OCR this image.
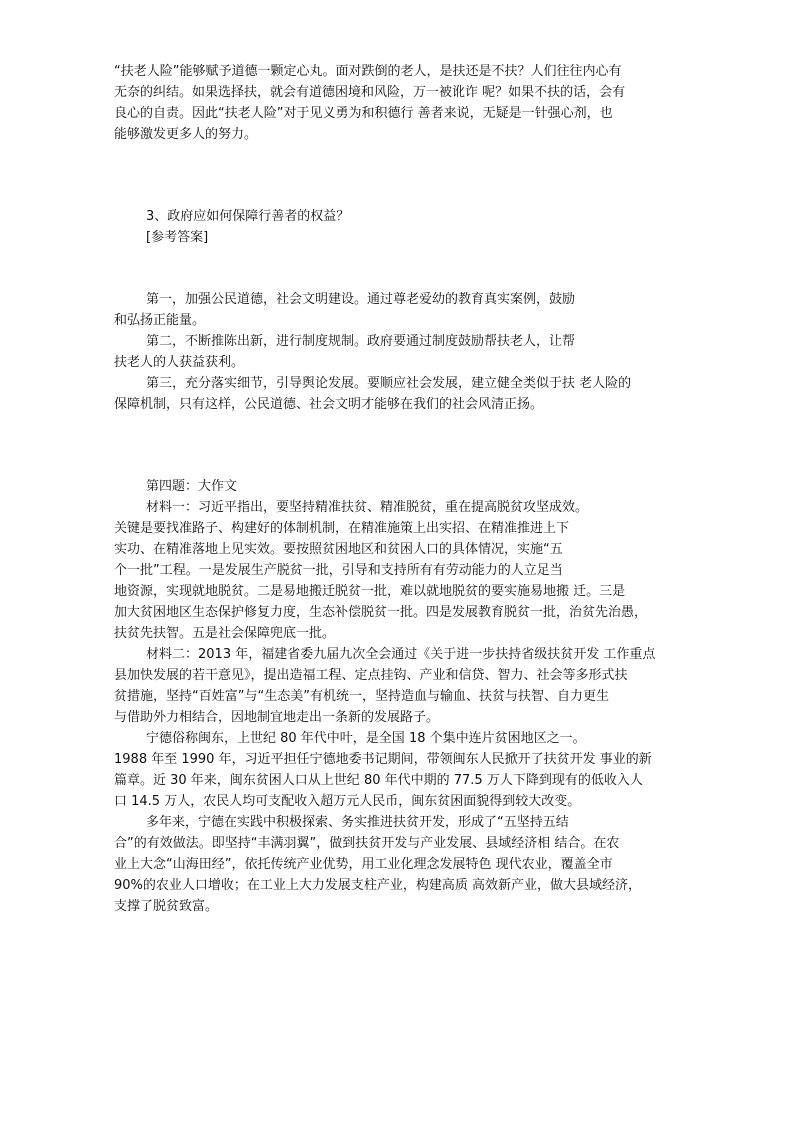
“扶老人险”能够赋予道德一颗定心丸。面对跌倒的老人，是扶还是不扶？人们往往内心有
无奈的纠结。如果选择扶，就会有道德困境和风险，万一被讹诈 呢？如果不扶的话，会有
良心的自责。因此“扶老人险”对于见义勇为和积德行 善者来说，无疑是一针强心剂，也
能够激发更多人的努力。
3、政府应如何保障行善者的权益？
[参考答案]
第一，加强公民道德，社会文明建设。通过尊老爱幼的教育真实案例，鼓励
和弘扬正能量。
第二，不断推陈出新，进行制度规制。政府要通过制度鼓励帮扶老人，让帮
扶老人的人获益获利。
第三，充分落实细节，引导舆论发展。要顺应社会发展，建立健全类似于扶 老人险的
保障机制，只有这样，公民道德、社会文明才能够在我们的社会风清正扬。
第四题：大作文
材料一：习近平指出，要坚持精准扶贫、精准脱贫，重在提高脱贫攻坚成效。
关键是要找准路子、构建好的体制机制，在精准施策上出实招、在精准推进上下
实功、在精准落地上见实效。要按照贫困地区和贫困人口的具体情况，实施“五
个一批”工程。一是发展生产脱贫一批，引导和支持所有有劳动能力的人立足当
地资源，实现就地脱贫。二是易地搬迁脱贫一批，难以就地脱贫的要实施易地搬 迁。三是
加大贫困地区生态保护修复力度，生态补偿脱贫一批。四是发展教育脱贫一批，治贫先治愚，
扶贫先扶智。五是社会保障兜底一批。
材料二：2013 年，福建省委九届九次全会通过《关于进一步扶持省级扶贫开发 工作重点
县加快发展的若干意见》，提出造福工程、定点挂钩、产业和信贷、智力、社会等多形式扶
贫措施，坚持“百姓富”与“生态美”有机统一，坚持造血与输血、扶贫与扶智、自力更生
与借助外力相结合，因地制宜地走出一条新的发展路子。
宁德俗称闽东，上世纪 80 年代中叶，是全国 18 个集中连片贫困地区之一。
1988 年至 1990 年，习近平担任宁德地委书记期间，带领闽东人民掀开了扶贫开发 事业的新
篇章。近 30 年来，闽东贫困人口从上世纪 80 年代中期的 77.5 万人下降到现有的低收入人
口 14.5 万人，农民人均可支配收入超万元人民币，闽东贫困面貌得到较大改变。
多年来，宁德在实践中积极探索、务实推进扶贫开发，形成了“五坚持五结
合”的有效做法。即坚持“丰满羽翼”，做到扶贫开发与产业发展、县域经济相 结合。在农
业上大念“山海田经”，依托传统产业优势，用工业化理念发展特色 现代农业，覆盖全市
90%的农业人口增收；在工业上大力发展支柱产业，构建高质 高效新产业，做大县域经济，
支撑了脱贫致富。
